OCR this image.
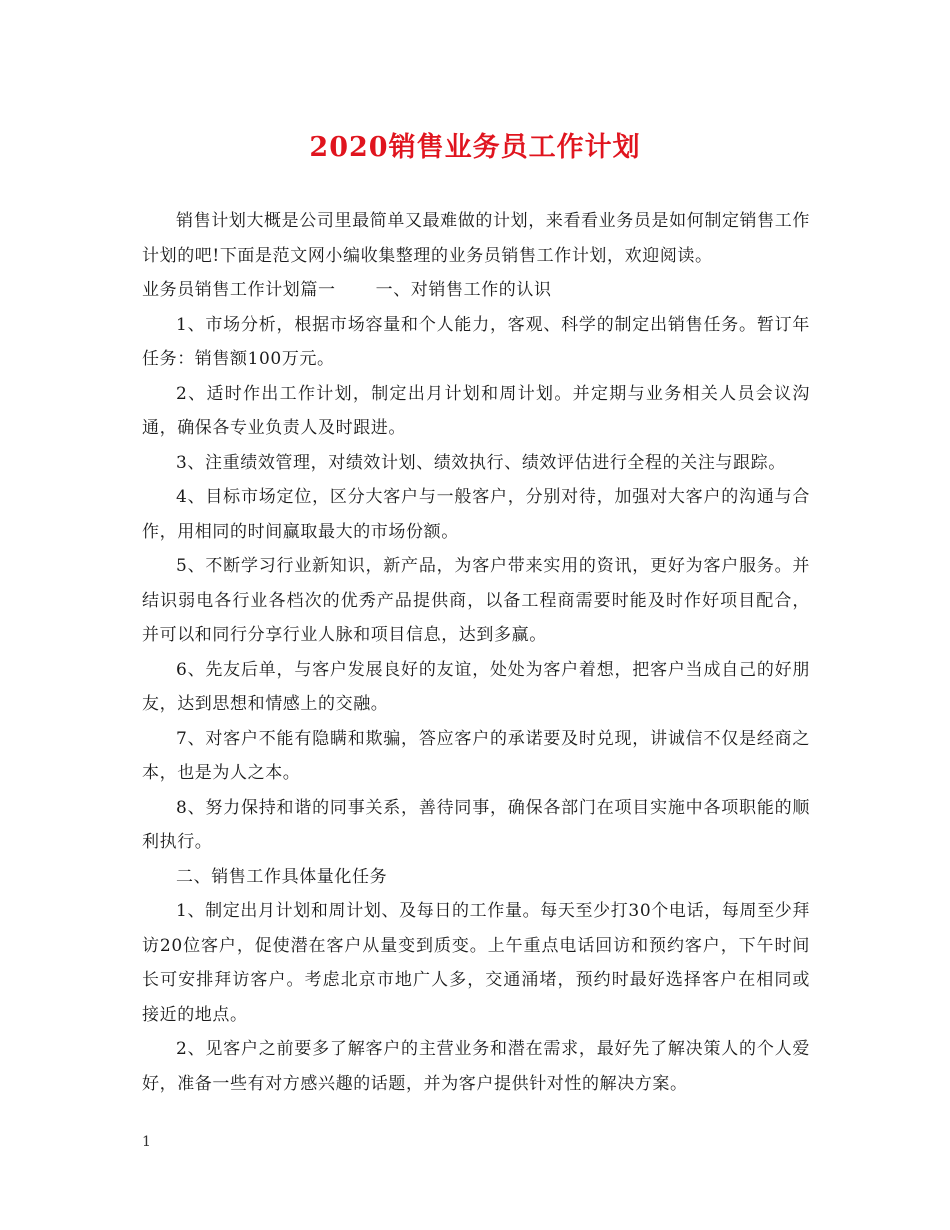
2020销售业务员工作计划

销售计划大概是公司里最简单又最难做的计划，来看看业务员是如何制定销售工作计划的吧!下面是范文网小编收集整理的业务员销售工作计划，欢迎阅读。

业务员销售工作计划篇一 一、对销售工作的认识

1、市场分析，根据市场容量和个人能力，客观、科学的制定出销售任务。暂订年任务：销售额100万元。

2、适时作出工作计划，制定出月计划和周计划。并定期与业务相关人员会议沟通，确保各专业负责人及时跟进。

3、注重绩效管理，对绩效计划、绩效执行、绩效评估进行全程的关注与跟踪。

4、目标市场定位，区分大客户与一般客户，分别对待，加强对大客户的沟通与合作，用相同的时间赢取最大的市场份额。

5、不断学习行业新知识，新产品，为客户带来实用的资讯，更好为客户服务。并结识弱电各行业各档次的优秀产品提供商，以备工程商需要时能及时作好项目配合，并可以和同行分享行业人脉和项目信息，达到多赢。

6、先友后单，与客户发展良好的友谊，处处为客户着想，把客户当成自己的好朋友，达到思想和情感上的交融。

7、对客户不能有隐瞒和欺骗，答应客户的承诺要及时兑现，讲诚信不仅是经商之本，也是为人之本。

8、努力保持和谐的同事关系，善待同事，确保各部门在项目实施中各项职能的顺利执行。

二、销售工作具体量化任务

1、制定出月计划和周计划、及每日的工作量。每天至少打30个电话，每周至少拜访20位客户，促使潜在客户从量变到质变。上午重点电话回访和预约客户，下午时间长可安排拜访客户。考虑北京市地广人多，交通涌堵，预约时最好选择客户在相同或接近的地点。

2、见客户之前要多了解客户的主营业务和潜在需求，最好先了解决策人的个人爱好，准备一些有对方感兴趣的话题，并为客户提供针对性的解决方案。

1
